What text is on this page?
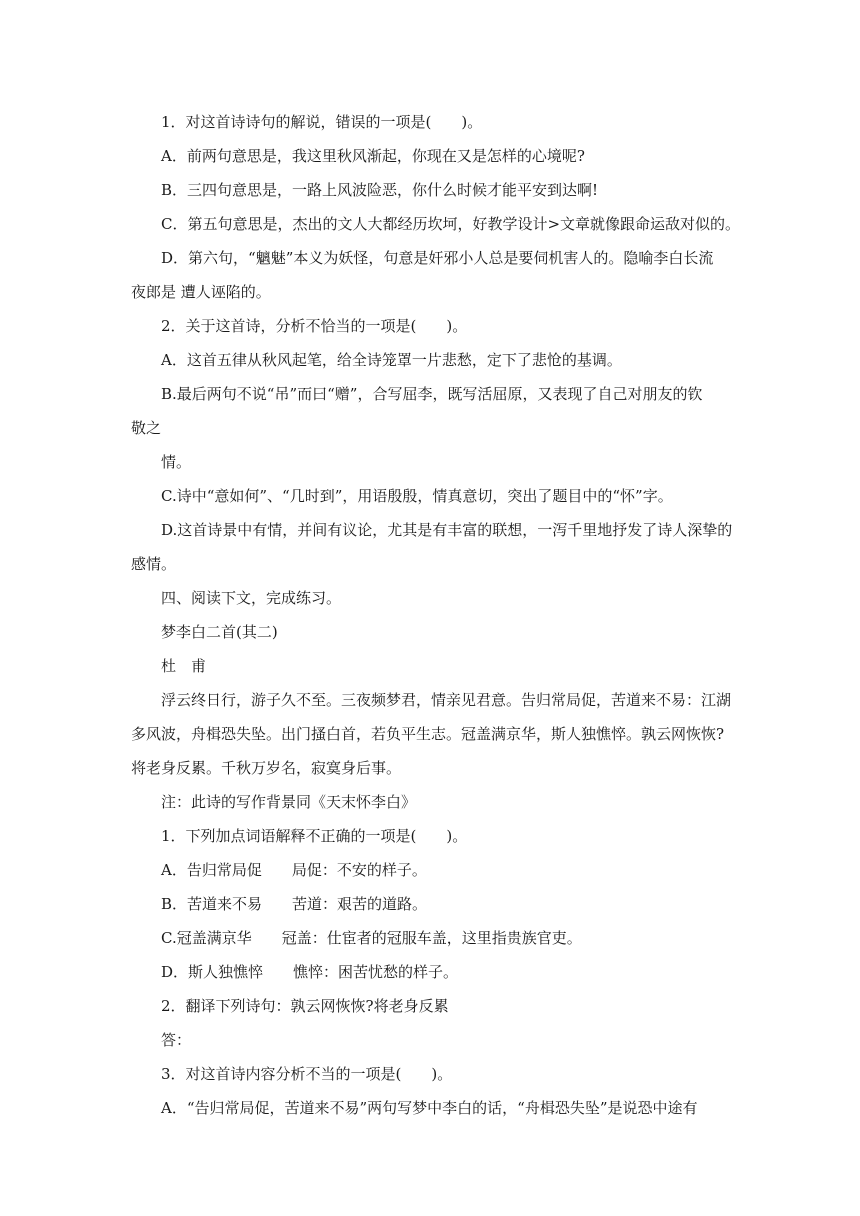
1．对这首诗诗句的解说，错误的一项是(　　)。
A．前两句意思是，我这里秋风渐起，你现在又是怎样的心境呢?
B．三四句意思是，一路上风波险恶，你什么时候才能平安到达啊!
C．第五句意思是，杰出的文人大都经历坎坷，好教学设计>文章就像跟命运敌对似的。
D．第六句，“魑魅”本义为妖怪，句意是奸邪小人总是要伺机害人的。隐喻李白长流
夜郎是 遭人诬陷的。
2．关于这首诗，分析不恰当的一项是(　　)。
A．这首五律从秋风起笔，给全诗笼罩一片悲愁，定下了悲怆的基调。
B.最后两句不说“吊”而曰“赠”，合写屈李，既写活屈原，又表现了自己对朋友的钦
敬之
情。
C.诗中“意如何”、“几时到”，用语殷殷，情真意切，突出了题目中的“怀”字。
D.这首诗景中有情，并间有议论，尤其是有丰富的联想，一泻千里地抒发了诗人深挚的
感情。
四、阅读下文，完成练习。
梦李白二首(其二)
杜　甫
浮云终日行，游子久不至。三夜频梦君，情亲见君意。告归常局促，苦道来不易：江湖
多风波，舟楫恐失坠。出门搔白首，若负平生志。冠盖满京华，斯人独憔悴。孰云网恢恢?
将老身反累。千秋万岁名，寂寞身后事。
注：此诗的写作背景同《天末怀李白》
1．下列加点词语解释不正确的一项是(　　)。
A．告归常局促　　局促：不安的样子。
B．苦道来不易　　苦道：艰苦的道路。
C.冠盖满京华　　冠盖：仕宦者的冠服车盖，这里指贵族官吏。
D．斯人独憔悴　　憔悴：困苦忧愁的样子。
2．翻译下列诗句：孰云网恢恢?将老身反累
答：
3．对这首诗内容分析不当的一项是(　　)。
A．“告归常局促，苦道来不易”两句写梦中李白的话，“舟楫恐失坠”是说恐中途有
